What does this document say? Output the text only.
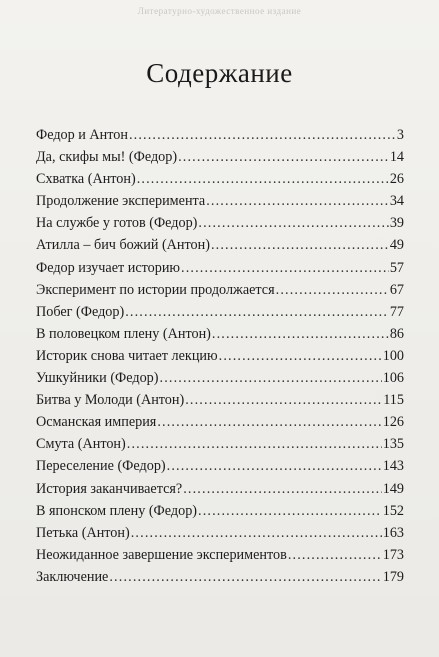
Литературно-художественное издание
Содержание
Федор и Антон . . .	3
Да, скифы мы! (Федор) . . .	14
Схватка (Антон) . . .	26
Продолжение эксперимента . . .	34
На службе у готов (Федор) . . .	39
Атилла – бич божий (Антон) . . .	49
Федор изучает историю . . .	57
Эксперимент по истории продолжается . . .	67
Побег (Федор) . . .	77
В половецком плену (Антон) . . .	86
Историк снова читает лекцию . . .	100
Ушкуйники (Федор) . . .	106
Битва у Молоди (Антон) . . .	115
Османская империя . . .	126
Смута (Антон) . . .	135
Переселение (Федор) . . .	143
История заканчивается? . . .	149
В японском плену (Федор) . . .	152
Петька (Антон) . . .	163
Неожиданное завершение экспериментов . . .	173
Заключение . . .	179
